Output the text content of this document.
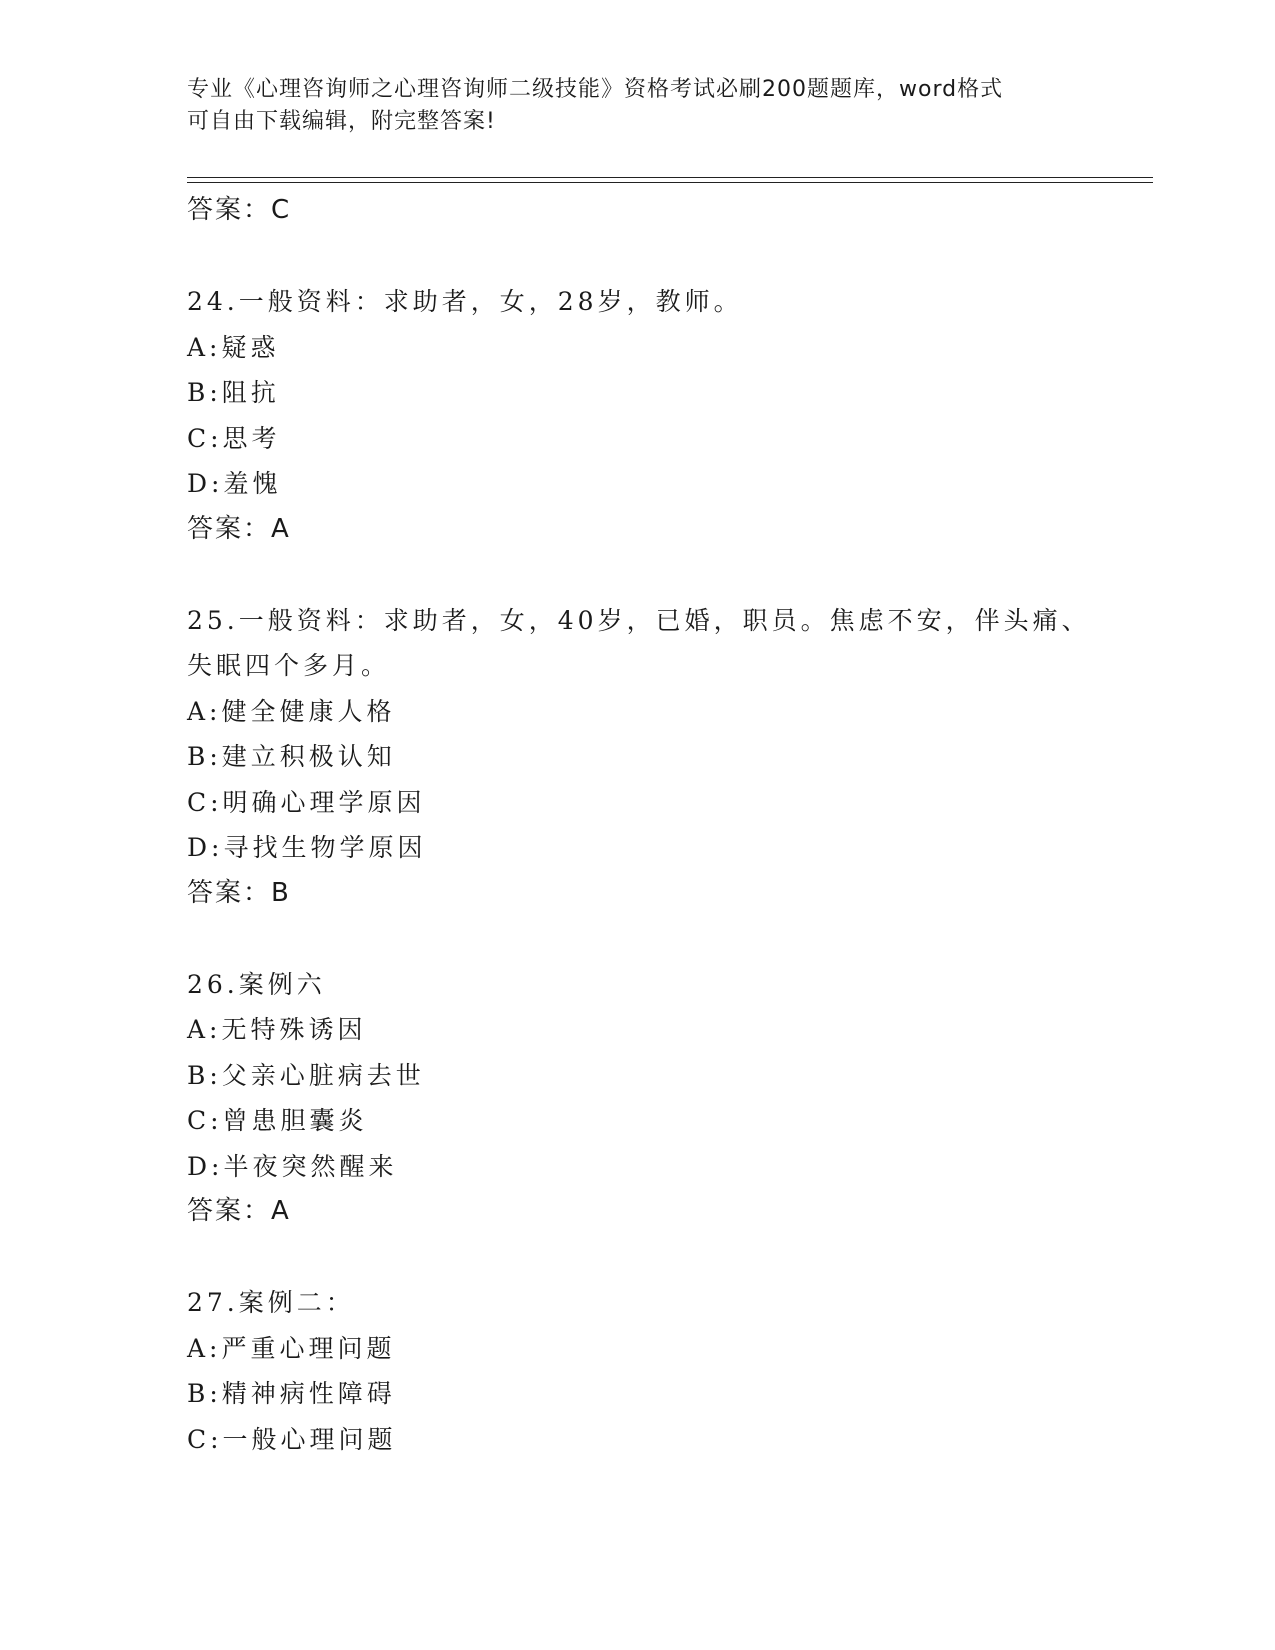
专业《心理咨询师之心理咨询师二级技能》资格考试必刷200题题库，word格式
可自由下载编辑，附完整答案!
答案：C
24.一般资料：求助者，女，28岁，教师。
A:疑惑
B:阻抗
C:思考
D:羞愧
答案：A
25.一般资料：求助者，女，40岁，已婚，职员。焦虑不安，伴头痛、
失眠四个多月。
A:健全健康人格
B:建立积极认知
C:明确心理学原因
D:寻找生物学原因
答案：B
26.案例六
A:无特殊诱因
B:父亲心脏病去世
C:曾患胆囊炎
D:半夜突然醒来
答案：A
27.案例二：
A:严重心理问题
B:精神病性障碍
C:一般心理问题
